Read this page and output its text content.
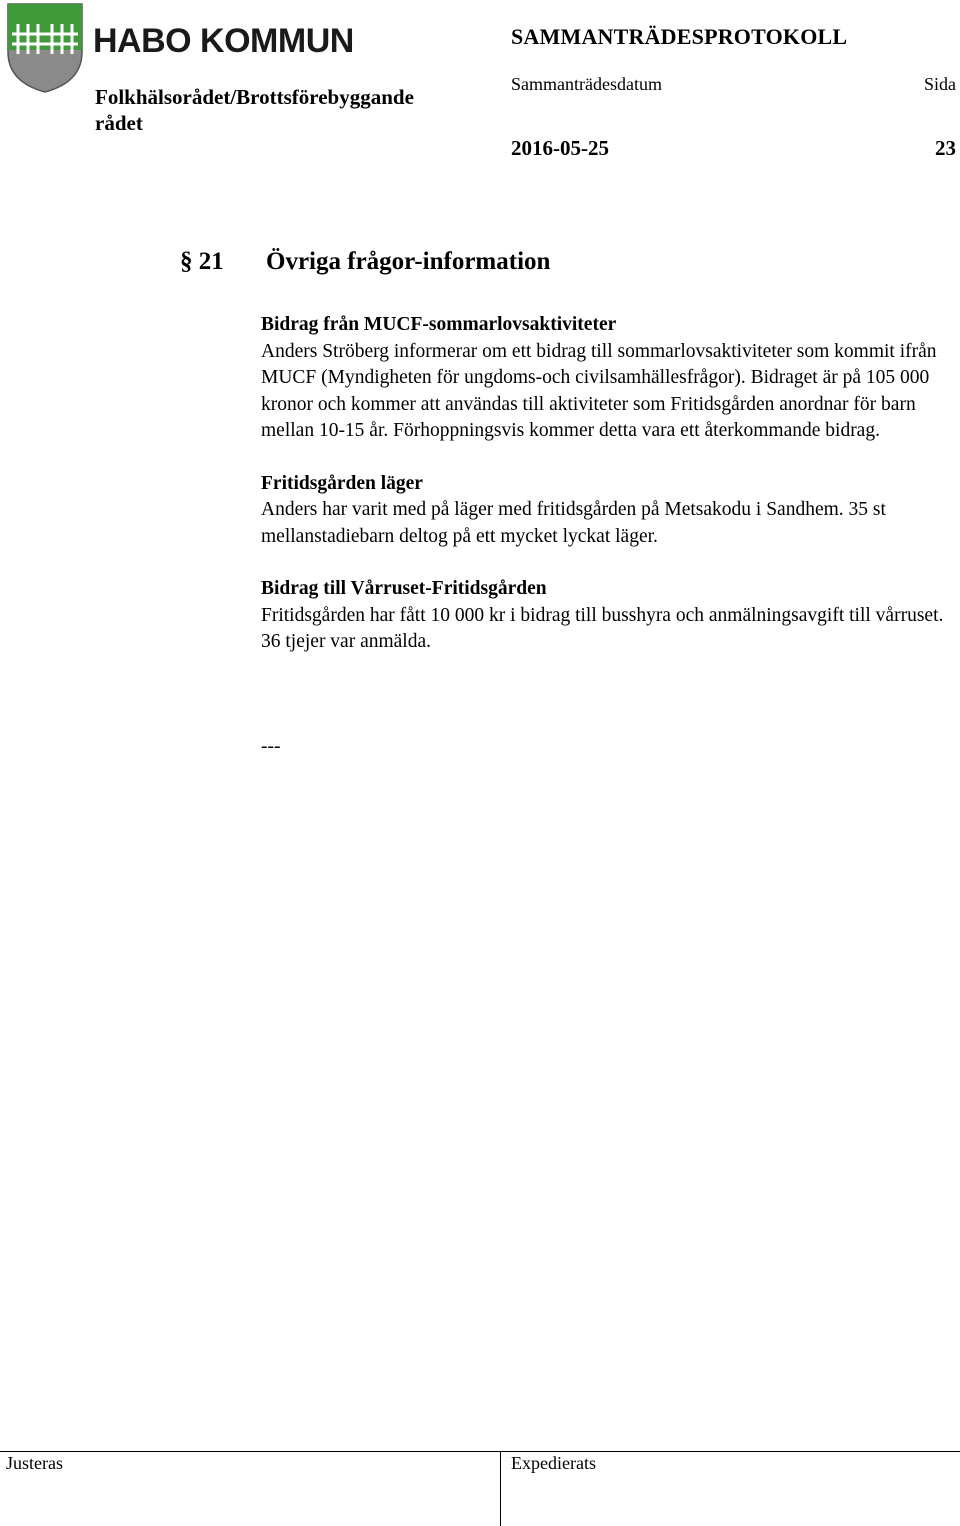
HABO KOMMUN
Folkhälsorådet/Brottsförebyggande rådet
SAMMANTRÄDESPROTOKOLL
Sammanträdesdatum	Sida
2016-05-25	23
§ 21 Övriga frågor-information

Bidrag från MUCF-sommarlovsaktiviteter

Anders Ströberg informerar om ett bidrag till sommarlovsaktiviteter som kommit ifrån MUCF (Myndigheten för ungdoms-och civilsamhällesfrågor). Bidraget är på 105 000 kronor och kommer att användas till aktiviteter som Fritidsgården anordnar för barn mellan 10-15 år. Förhoppningsvis kommer detta vara ett återkommande bidrag.

Fritidsgården läger

Anders har varit med på läger med fritidsgården på Metsakodu i Sandhem. 35 st mellanstadiebarn deltog på ett mycket lyckat läger.

Bidrag till Vårruset-Fritidsgården

Fritidsgården har fått 10 000 kr i bidrag till busshyra och anmälningsavgift till vårruset. 36 tjejer var anmälda.

---
Justeras	Expedierats
